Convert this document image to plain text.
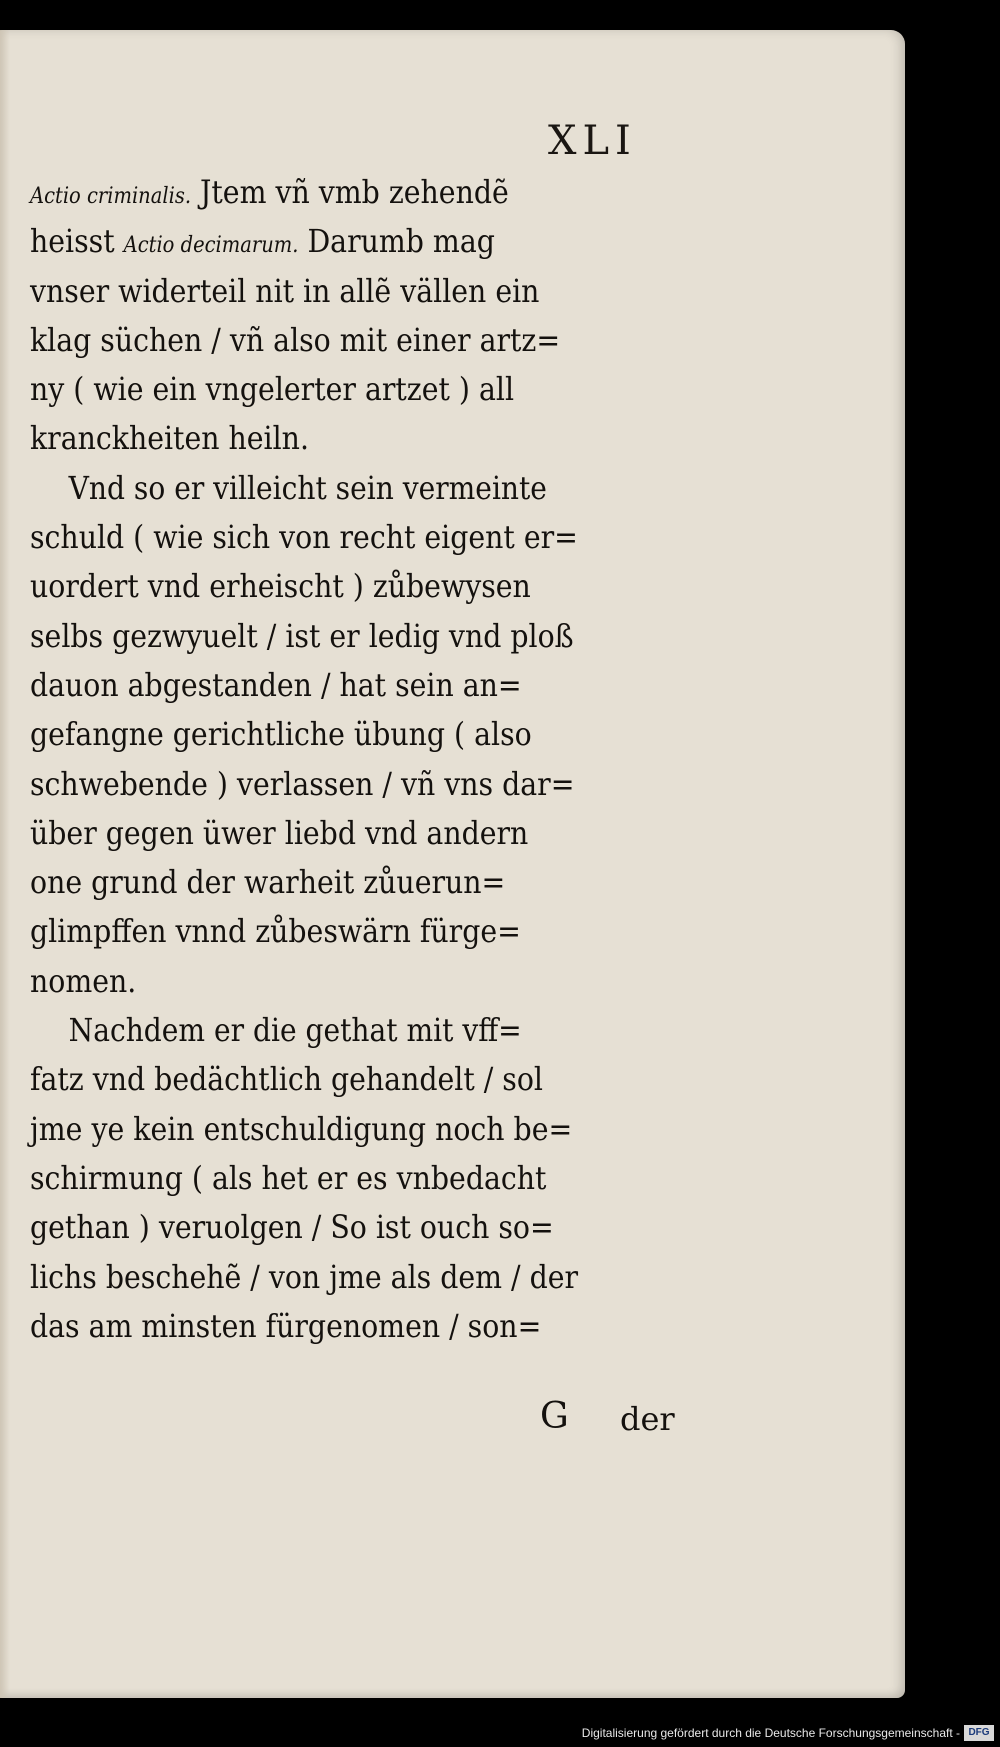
XLI
Actio criminalis. Jtem vñ vmb zehendẽ
heisst Actio decimarum. Darumb mag
vnser widerteil nit in allẽ vällen ein
klag süchen / vñ also mit einer artz=
ny ( wie ein vngelerter artzet ) all
kranckheiten heiln.
Vnd so er villeicht sein vermeinte
schuld ( wie sich von recht eigent er=
uordert vnd erheischt ) zůbewysen
selbs gezwyuelt / ist er ledig vnd ploß
dauon abgestanden / hat sein an=
gefangne gerichtliche übung ( also
schwebende ) verlassen / vñ vns dar=
über gegen üwer liebd vnd andern
one grund der warheit zůuerun=
glimpffen vnnd zůbeswärn fürge=
nomen.
Nachdem er die gethat mit vff=
fatz vnd bedächtlich gehandelt / sol
jme ye kein entschuldigung noch be=
schirmung ( als het er es vnbedacht
gethan ) veruolgen / So ist ouch so=
lichs beschehẽ / von jme als dem / der
das am minsten fürgenomen / son=
G der
Digitalisierung gefördert durch die Deutsche Forschungsgemeinschaft - DFG
